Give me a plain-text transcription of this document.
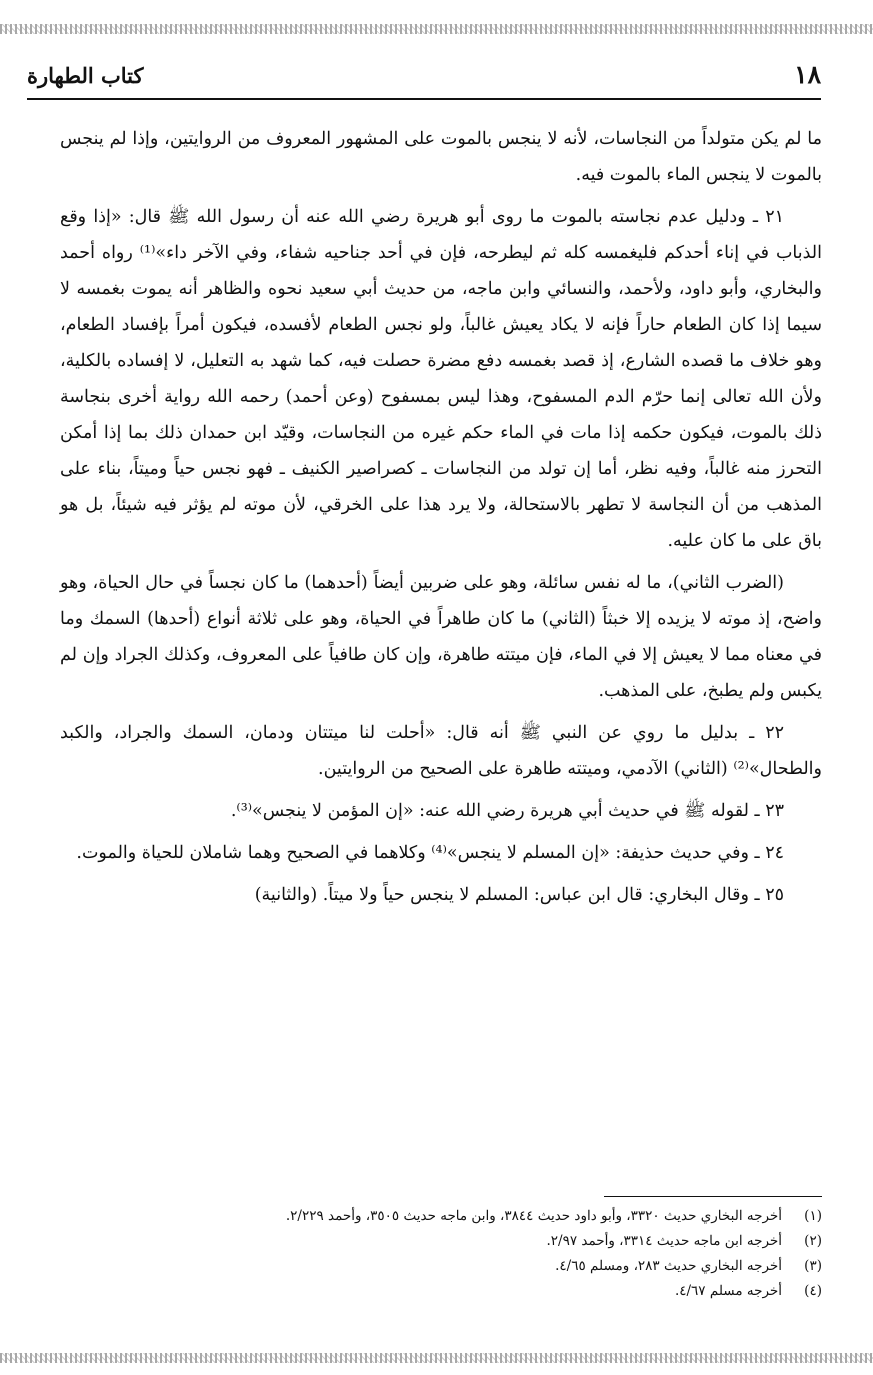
١٨
كتاب الطهارة

ما لم يكن متولداً من النجاسات، لأنه لا ينجس بالموت على المشهور المعروف من الروايتين، وإذا لم ينجس بالموت لا ينجس الماء بالموت فيه.

٢١ ـ ودليل عدم نجاسته بالموت ما روى أبو هريرة رضي الله عنه أن رسول الله ﷺ قال: «إذا وقع الذباب في إناء أحدكم فليغمسه كله ثم ليطرحه، فإن في أحد جناحيه شفاء، وفي الآخر داء»⁽¹⁾ رواه أحمد والبخاري، وأبو داود، ولأحمد، والنسائي وابن ماجه، من حديث أبي سعيد نحوه والظاهر أنه يموت بغمسه لا سيما إذا كان الطعام حاراً فإنه لا يكاد يعيش غالباً، ولو نجس الطعام لأفسده، فيكون أمراً بإفساد الطعام، وهو خلاف ما قصده الشارع، إذ قصد بغمسه دفع مضرة حصلت فيه، كما شهد به التعليل، لا إفساده بالكلية، ولأن الله تعالى إنما حرّم الدم المسفوح، وهذا ليس بمسفوح (وعن أحمد) رحمه الله رواية أخرى بنجاسة ذلك بالموت، فيكون حكمه إذا مات في الماء حكم غيره من النجاسات، وقيّد ابن حمدان ذلك بما إذا أمكن التحرز منه غالباً، وفيه نظر، أما إن تولد من النجاسات ـ كصراصير الكنيف ـ فهو نجس حياً وميتاً، بناء على المذهب من أن النجاسة لا تطهر بالاستحالة، ولا يرد هذا على الخرقي، لأن موته لم يؤثر فيه شيئاً، بل هو باق على ما كان عليه.

(الضرب الثاني)، ما له نفس سائلة، وهو على ضربين أيضاً (أحدهما) ما كان نجساً في حال الحياة، وهو واضح، إذ موته لا يزيده إلا خبثاً (الثاني) ما كان طاهراً في الحياة، وهو على ثلاثة أنواع (أحدها) السمك وما في معناه مما لا يعيش إلا في الماء، فإن ميتته طاهرة، وإن كان طافياً على المعروف، وكذلك الجراد وإن لم يكبس ولم يطبخ، على المذهب.

٢٢ ـ بدليل ما روي عن النبي ﷺ أنه قال: «أحلت لنا ميتتان ودمان، السمك والجراد، والكبد والطحال»⁽²⁾ (الثاني) الآدمي، وميتته طاهرة على الصحيح من الروايتين.

٢٣ ـ لقوله ﷺ في حديث أبي هريرة رضي الله عنه: «إن المؤمن لا ينجس»⁽³⁾.

٢٤ ـ وفي حديث حذيفة: «إن المسلم لا ينجس»⁽⁴⁾ وكلاهما في الصحيح وهما شاملان للحياة والموت.

٢٥ ـ وقال البخاري: قال ابن عباس: المسلم لا ينجس حياً ولا ميتاً. (والثانية)

(١)
أخرجه البخاري حديث ٣٣٢٠، وأبو داود حديث ٣٨٤٤، وابن ماجه حديث ٣٥٠٥، وأحمد ٢/٢٢٩.
(٢)
أخرجه ابن ماجه حديث ٣٣١٤، وأحمد ٢/٩٧.
(٣)
أخرجه البخاري حديث ٢٨٣، ومسلم ٤/٦٥.
(٤)
أخرجه مسلم ٤/٦٧.
